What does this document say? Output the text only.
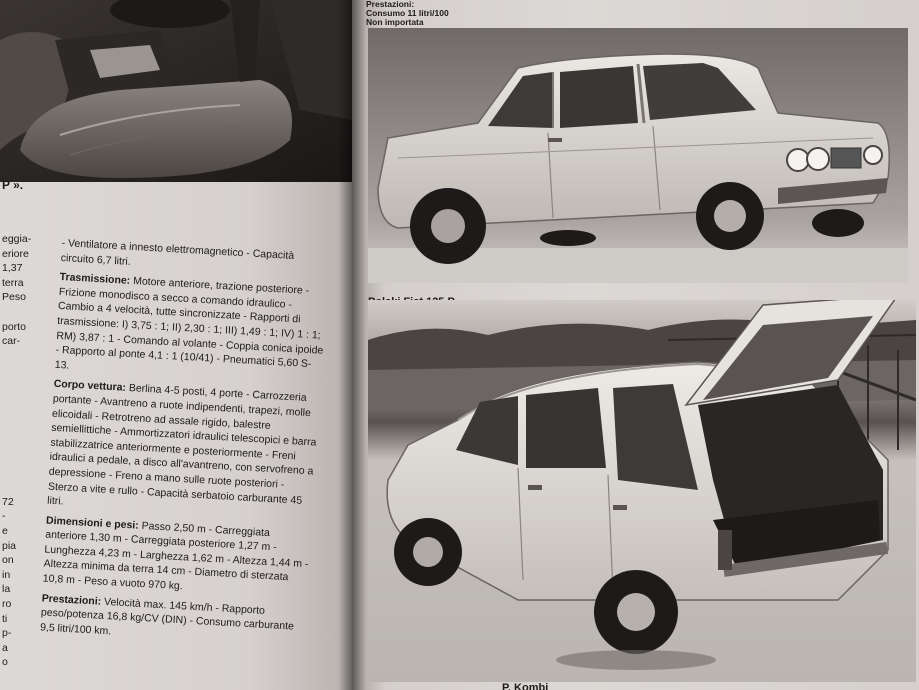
P ».
eggia-
eriore
1,37
terra
Peso
porto
car-
72
-
e
pia
on
in
la
ro
ti
p-
a
o

- Ventilatore a innesto elettromagnetico - Capacità circuito 6,7 litri.

Trasmissione: Motore anteriore, trazione posteriore - Frizione monodisco a secco a comando idraulico - Cambio a 4 velocità, tutte sincronizzate - Rapporti di trasmissione: I) 3,75 : 1; II) 2,30 : 1; III) 1,49 : 1; IV) 1 : 1; RM) 3,87 : 1 - Comando al volante - Coppia conica ipoide - Rapporto al ponte 4,1 : 1 (10/41) - Pneumatici 5,60 S-13.

Corpo vettura: Berlina 4-5 posti, 4 porte - Carrozzeria portante - Avantreno a ruote indipendenti, trapezi, molle elicoidali - Retrotreno ad assale rigido, balestre semiellittiche - Ammortizzatori idraulici telescopici e barra stabilizzatrice anteriormente e posteriormente - Freni idraulici a pedale, a disco all'avantreno, con servofreno a depressione - Freno a mano sulle ruote posteriori - Sterzo a vite e rullo - Capacità serbatoio carburante 45 litri.

Dimensioni e pesi: Passo 2,50 m - Carreggiata anteriore 1,30 m - Carreggiata posteriore 1,27 m - Lunghezza 4,23 m - Larghezza 1,62 m - Altezza 1,44 m - Altezza minima da terra 14 cm - Diametro di sterzata 10,8 m - Peso a vuoto 970 kg.

Prestazioni: Velocità max. 145 km/h - Rapporto peso/potenza 16,8 kg/CV (DIN) - Consumo carburante 9,5 litri/100 km.

Prestazioni:
Consumo 11 litri/100
Non importata
P. Kombi
